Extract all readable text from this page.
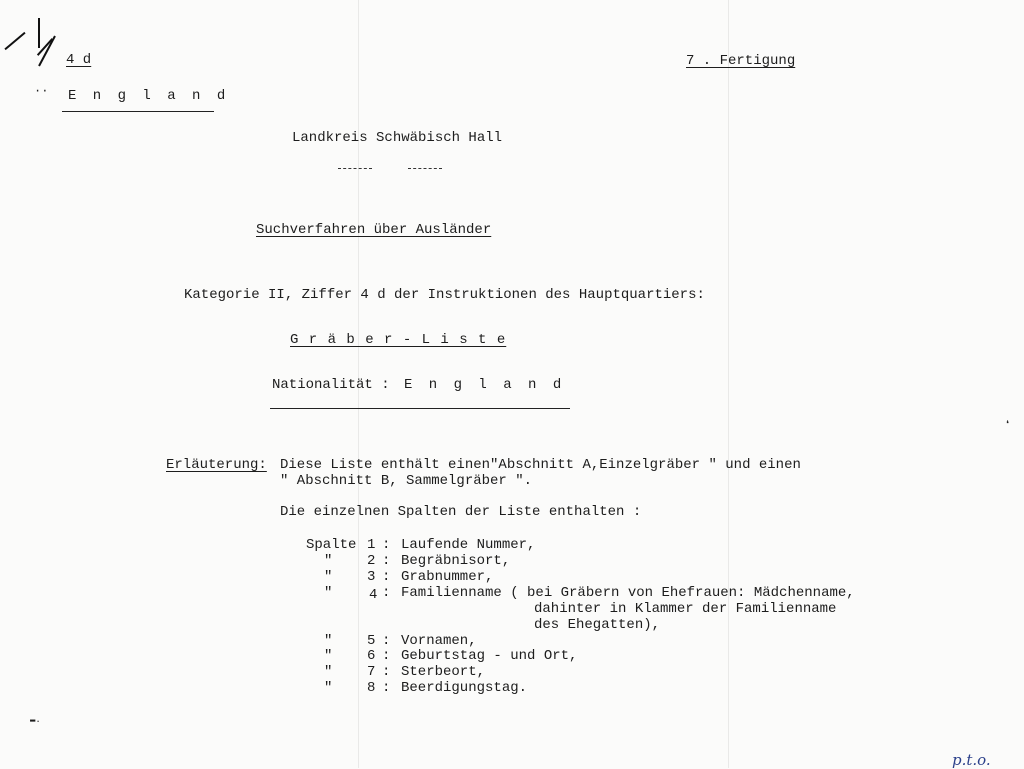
4 d
·· E n g l a n d
7 . Fertigung
Landkreis Schwäbisch Hall
Suchverfahren über Ausländer
Kategorie II, Ziffer 4 d der Instruktionen des Hauptquartiers:
G r ä b e r - L i s t e
Nationalität : E n g l a n d
Erläuterung: Diese Liste enthält einen"Abschnitt A,Einzelgräber " und einen
" Abschnitt B, Sammelgräber ".
Die einzelnen Spalten der Liste enthalten :
Spalte 1 : Laufende Nummer,
" 2 : Begräbnisort,
" 3 : Grabnummer,
"	4 : Familienname ( bei Gräbern von Ehefrauen: Mädchenname,
dahinter in Klammer der Familienname
des Ehegatten),
" 5 : Vornamen,
" 6 : Geburtstag - und Ort,
" 7 : Sterbeort,
" 8 : Beerdigungstag.
▬.
❛
p.t.o.
